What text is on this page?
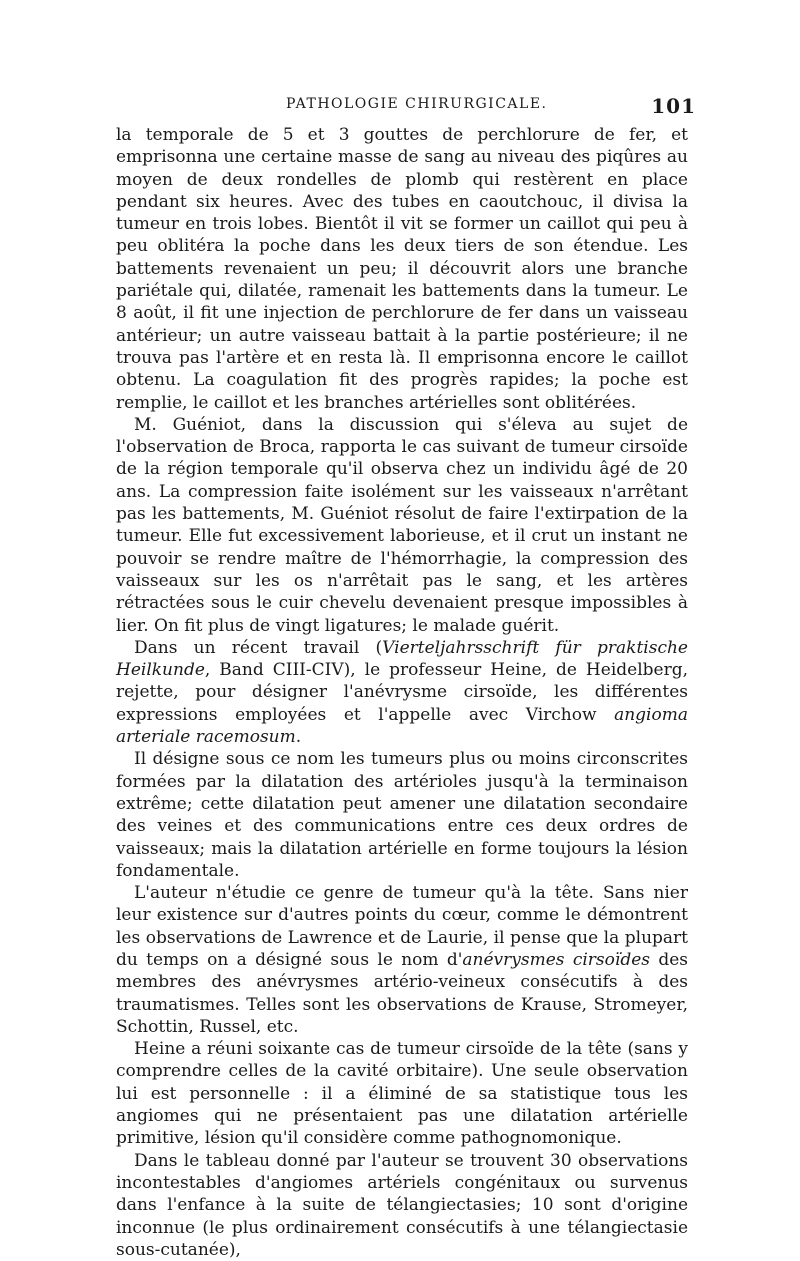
PATHOLOGIE CHIRURGICALE.	101

la temporale de 5 et 3 gouttes de perchlorure de fer, et emprisonna une certaine masse de sang au niveau des piqûres au moyen de deux rondelles de plomb qui restèrent en place pendant six heures. Avec des tubes en caoutchouc, il divisa la tumeur en trois lobes. Bientôt il vit se former un caillot qui peu à peu oblitéra la poche dans les deux tiers de son étendue. Les battements revenaient un peu; il découvrit alors une branche pariétale qui, dilatée, ramenait les battements dans la tumeur. Le 8 août, il fit une injection de perchlorure de fer dans un vaisseau antérieur; un autre vaisseau battait à la partie postérieure; il ne trouva pas l'artère et en resta là. Il emprisonna encore le caillot obtenu. La coagulation fit des progrès rapides; la poche est remplie, le caillot et les branches artérielles sont oblitérées.

M. Guéniot, dans la discussion qui s'éleva au sujet de l'observation de Broca, rapporta le cas suivant de tumeur cirsoïde de la région temporale qu'il observa chez un individu âgé de 20 ans. La compression faite isolément sur les vaisseaux n'arrêtant pas les battements, M. Guéniot résolut de faire l'extirpation de la tumeur. Elle fut excessivement laborieuse, et il crut un instant ne pouvoir se rendre maître de l'hémorrhagie, la compression des vaisseaux sur les os n'arrêtait pas le sang, et les artères rétractées sous le cuir chevelu devenaient presque impossibles à lier. On fit plus de vingt ligatures; le malade guérit.

Dans un récent travail (Vierteljahrsschrift für praktische Heilkunde, Band CIII-CIV), le professeur Heine, de Heidelberg, rejette, pour désigner l'anévrysme cirsoïde, les différentes expressions employées et l'appelle avec Virchow angioma arteriale racemosum.

Il désigne sous ce nom les tumeurs plus ou moins circonscrites formées par la dilatation des artérioles jusqu'à la terminaison extrême; cette dilatation peut amener une dilatation secondaire des veines et des communications entre ces deux ordres de vaisseaux; mais la dilatation artérielle en forme toujours la lésion fondamentale.

L'auteur n'étudie ce genre de tumeur qu'à la tête. Sans nier leur existence sur d'autres points du cœur, comme le démontrent les observations de Lawrence et de Laurie, il pense que la plupart du temps on a désigné sous le nom d'anévrysmes cirsoïdes des membres des anévrysmes artério-veineux consécutifs à des traumatismes. Telles sont les observations de Krause, Stromeyer, Schottin, Russel, etc.

Heine a réuni soixante cas de tumeur cirsoïde de la tête (sans y comprendre celles de la cavité orbitaire). Une seule observation lui est personnelle : il a éliminé de sa statistique tous les angiomes qui ne présentaient pas une dilatation artérielle primitive, lésion qu'il considère comme pathognomonique.

Dans le tableau donné par l'auteur se trouvent 30 observations incontestables d'angiomes artériels congénitaux ou survenus dans l'enfance à la suite de télangiectasies; 10 sont d'origine inconnue (le plus ordinairement consécutifs à une télangiectasie sous-cutanée),
